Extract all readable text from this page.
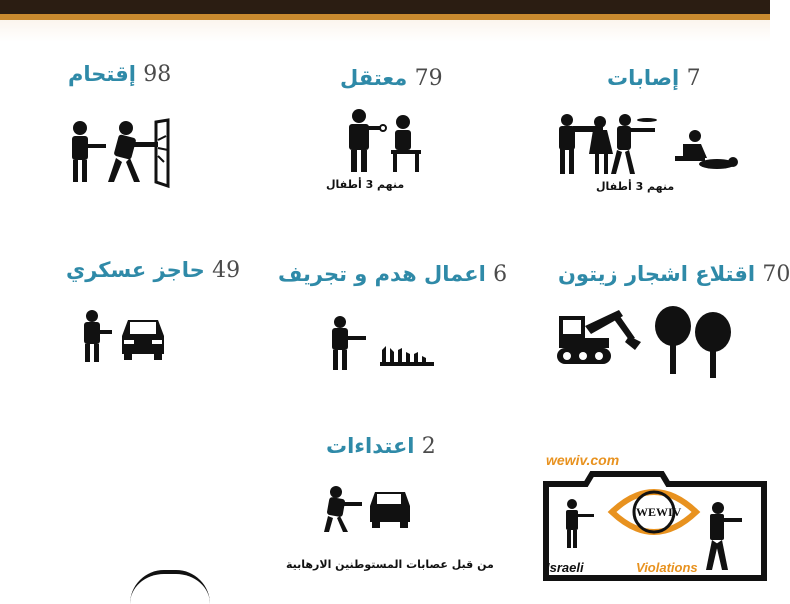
7 إصابات
منهم 3 أطفال
79 معتقل
منهم 3 أطفال
98 إقتحام
70 اقتلاع اشجار زيتون
6 اعمال هدم و تجريف
49 حاجز عسكري
2 اعتداءات
من قبل عصابات المستوطنين الارهابية
wewiv.com
WEWIV
Israeli	Violations
